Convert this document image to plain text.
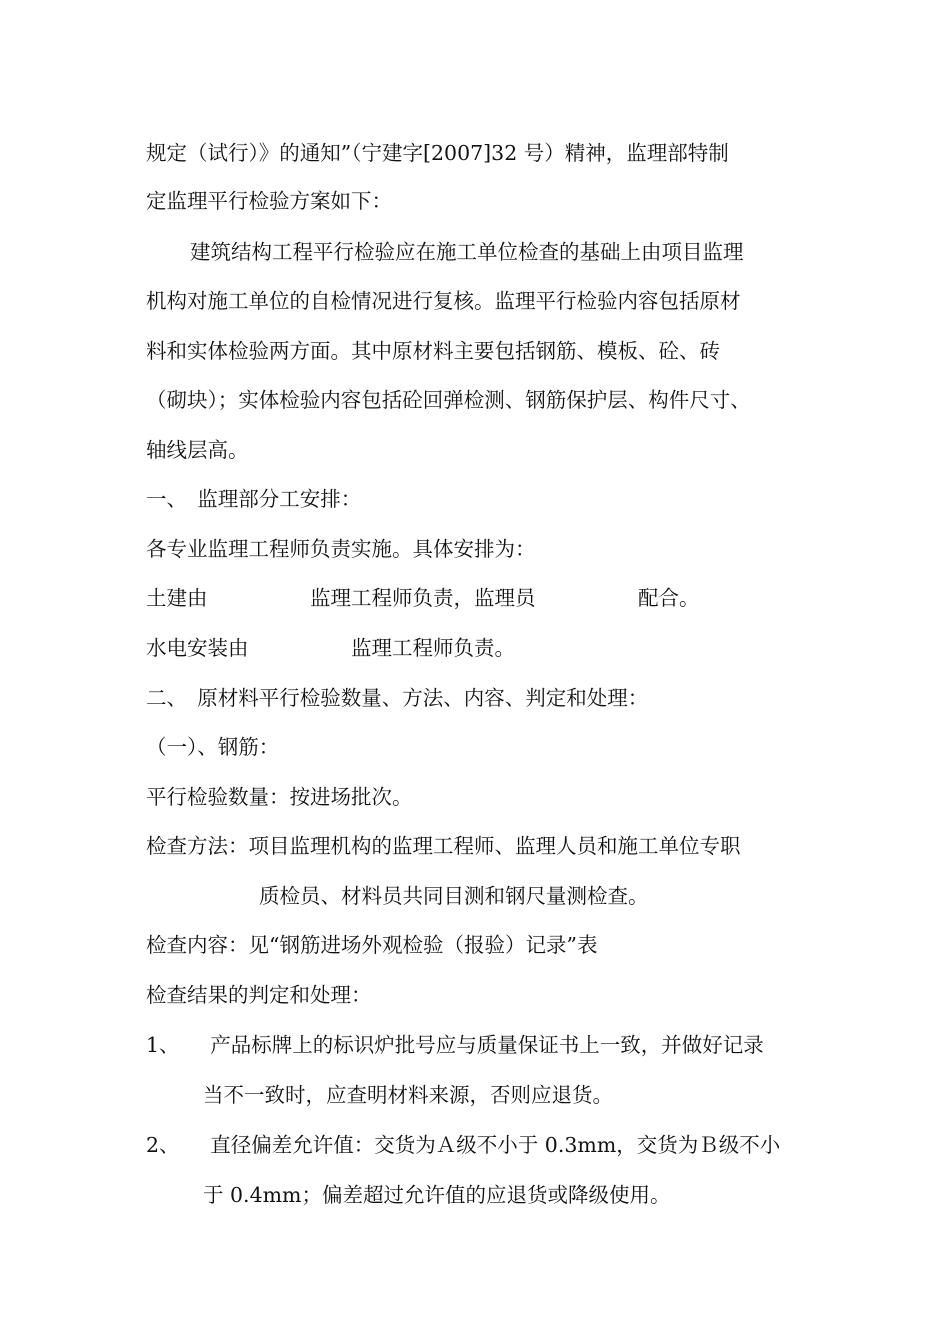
规定（试行）》的通知”（宁建字[2007]32 号）精神，监理部特制
定监理平行检验方案如下：
建筑结构工程平行检验应在施工单位检查的基础上由项目监理
机构对施工单位的自检情况进行复核。监理平行检验内容包括原材
料和实体检验两方面。其中原材料主要包括钢筋、模板、砼、砖
（砌块）；实体检验内容包括砼回弹检测、钢筋保护层、构件尺寸、
轴线层高。
一、　监理部分工安排：
各专业监理工程师负责实施。具体安排为：
土建由　　　　　监理工程师负责，监理员　　　　　配合。
水电安装由　　　　　监理工程师负责。
二、　原材料平行检验数量、方法、内容、判定和处理：
（一）、钢筋：
平行检验数量：按进场批次。
检查方法：项目监理机构的监理工程师、监理人员和施工单位专职
质检员、材料员共同目测和钢尺量测检查。
检查内容：见“钢筋进场外观检验（报验）记录”表
检查结果的判定和处理：
1、　　产品标牌上的标识炉批号应与质量保证书上一致，并做好记录
当不一致时，应查明材料来源，否则应退货。
2、　　直径偏差允许值：交货为Ａ级不小于 0.3mm，交货为Ｂ级不小
于 0.4mm；偏差超过允许值的应退货或降级使用。
